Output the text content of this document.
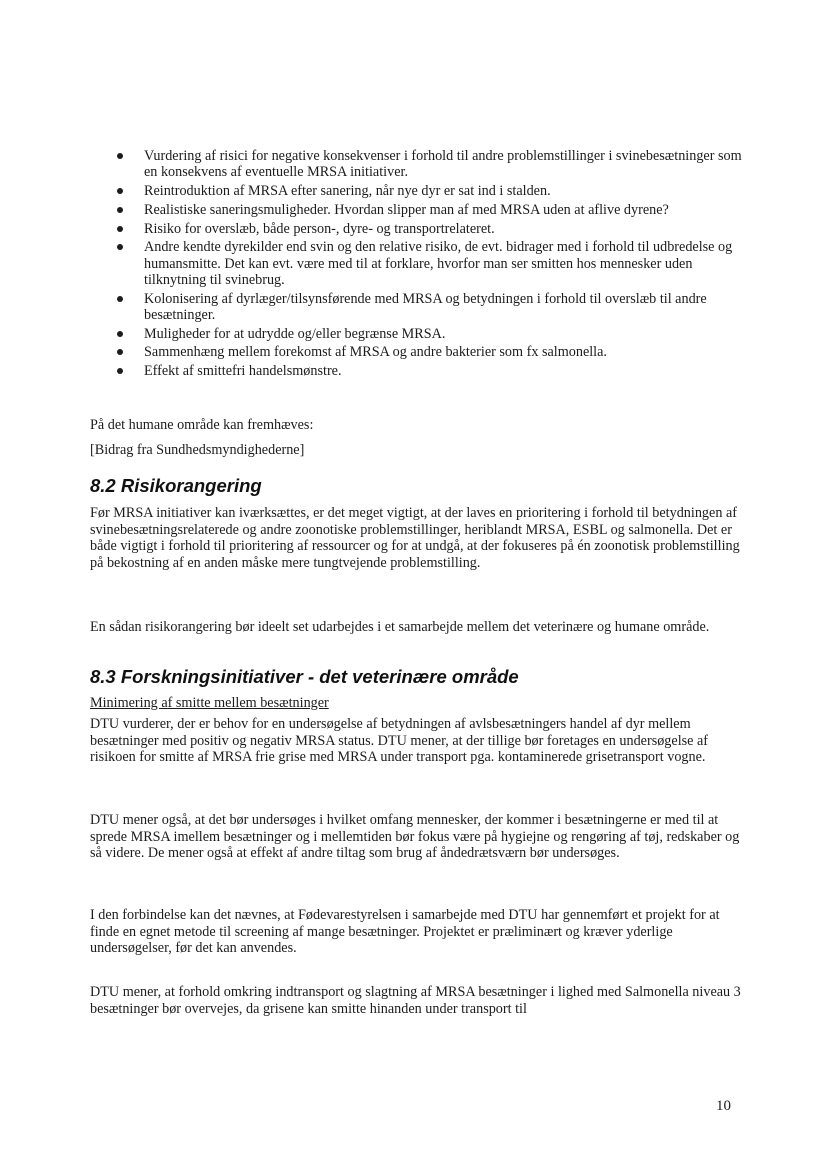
Vurdering af risici for negative konsekvenser i forhold til andre problemstillinger i svinebesætninger som en konsekvens af eventuelle MRSA initiativer.
Reintroduktion af MRSA efter sanering, når nye dyr er sat ind i stalden.
Realistiske saneringsmuligheder. Hvordan slipper man af med MRSA uden at aflive dyrene?
Risiko for overslæb, både person-, dyre- og transportrelateret.
Andre kendte dyrekilder end svin og den relative risiko, de evt. bidrager med i forhold til udbredelse og humansmitte. Det kan evt. være med til at forklare, hvorfor man ser smitten hos mennesker uden tilknytning til svinebrug.
Kolonisering af dyrlæger/tilsynsførende med MRSA og betydningen i forhold til overslæb til andre besætninger.
Muligheder for at udrydde og/eller begrænse MRSA.
Sammenhæng mellem forekomst af MRSA og andre bakterier som fx salmonella.
Effekt af smittefri handelsmønstre.

På det humane område kan fremhæves:

[Bidrag fra Sundhedsmyndighederne]

8.2 Risikorangering

Før MRSA initiativer kan iværksættes, er det meget vigtigt, at der laves en prioritering i forhold til betydningen af svinebesætningsrelaterede og andre zoonotiske problemstillinger, heriblandt MRSA, ESBL og salmonella. Det er både vigtigt i forhold til prioritering af ressourcer og for at undgå, at der fokuseres på én zoonotisk problemstilling på bekostning af en anden måske mere tungtvejende problemstilling.

En sådan risikorangering bør ideelt set udarbejdes i et samarbejde mellem det veterinære og humane område.

8.3 Forskningsinitiativer - det veterinære område

Minimering af smitte mellem besætninger

DTU vurderer, der er behov for en undersøgelse af betydningen af avlsbesætningers handel af dyr mellem besætninger med positiv og negativ MRSA status. DTU mener, at der tillige bør foretages en undersøgelse af risikoen for smitte af MRSA frie grise med MRSA under transport pga. kontaminerede grisetransport vogne.

DTU mener også, at det bør undersøges i hvilket omfang mennesker, der kommer i besætningerne er med til at sprede MRSA imellem besætninger og i mellemtiden bør fokus være på hygiejne og rengøring af tøj, redskaber og så videre. De mener også at effekt af andre tiltag som brug af åndedrætsværn bør undersøges.

I den forbindelse kan det nævnes, at Fødevarestyrelsen i samarbejde med DTU har gennemført et projekt for at finde en egnet metode til screening af mange besætninger. Projektet er præliminært og kræver yderlige undersøgelser, før det kan anvendes.

DTU mener, at forhold omkring indtransport og slagtning af MRSA besætninger i lighed med Salmonella niveau 3 besætninger bør overvejes, da grisene kan smitte hinanden under transport til

10
